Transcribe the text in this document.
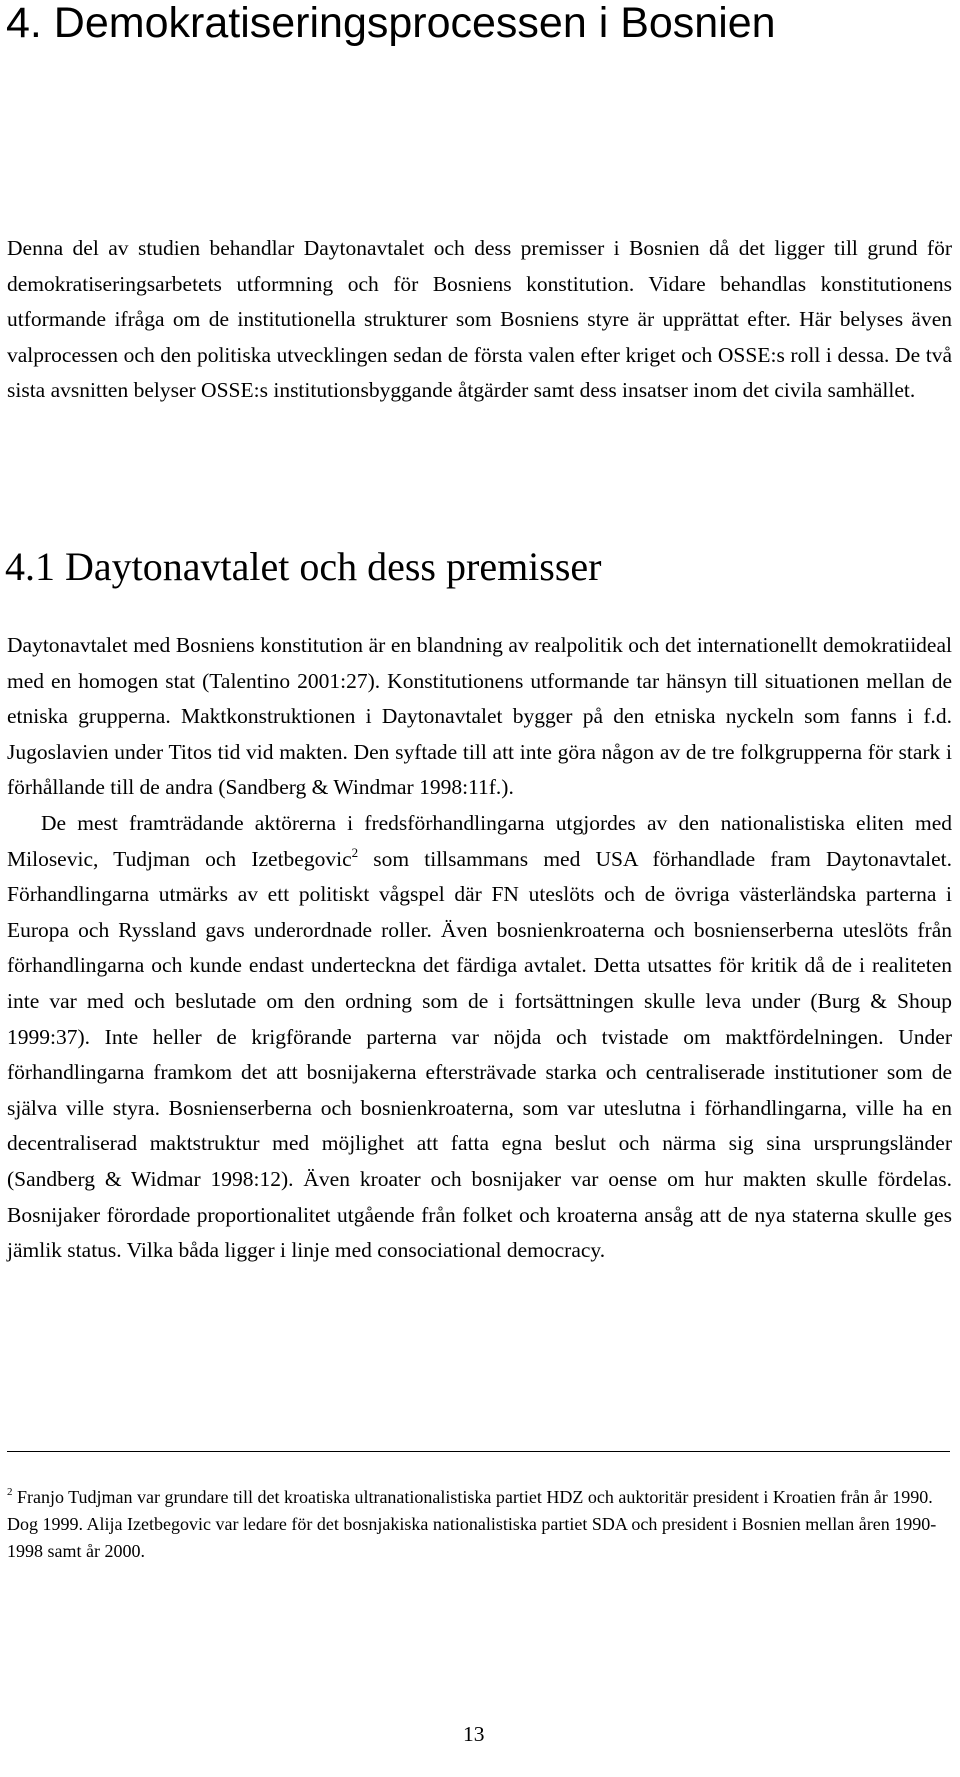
4. Demokratiseringsprocessen i Bosnien

Denna del av studien behandlar Daytonavtalet och dess premisser i Bosnien då det ligger till grund för demokratiseringsarbetets utformning och för Bosniens konstitution. Vidare behandlas konstitutionens utformande ifråga om de institutionella strukturer som Bosniens styre är upprättat efter. Här belyses även valprocessen och den politiska utvecklingen sedan de första valen efter kriget och OSSE:s roll i dessa. De två sista avsnitten belyser OSSE:s institutionsbyggande åtgärder samt dess insatser inom det civila samhället.

4.1 Daytonavtalet och dess premisser

Daytonavtalet med Bosniens konstitution är en blandning av realpolitik och det internationellt demokratiideal med en homogen stat (Talentino 2001:27). Konstitutionens utformande tar hänsyn till situationen mellan de etniska grupperna. Maktkonstruktionen i Daytonavtalet bygger på den etniska nyckeln som fanns i f.d. Jugoslavien under Titos tid vid makten. Den syftade till att inte göra någon av de tre folkgrupperna för stark i förhållande till de andra (Sandberg & Windmar 1998:11f.).

De mest framträdande aktörerna i fredsförhandlingarna utgjordes av den nationalistiska eliten med Milosevic, Tudjman och Izetbegovic$^2$ som tillsammans med USA förhandlade fram Daytonavtalet. Förhandlingarna utmärks av ett politiskt vågspel där FN uteslöts och de övriga västerländska parterna i Europa och Ryssland gavs underordnade roller. Även bosnienkroaterna och bosnienserberna uteslöts från förhandlingarna och kunde endast underteckna det färdiga avtalet. Detta utsattes för kritik då de i realiteten inte var med och beslutade om den ordning som de i fortsättningen skulle leva under (Burg & Shoup 1999:37). Inte heller de krigförande parterna var nöjda och tvistade om maktfördelningen. Under förhandlingarna framkom det att bosnijakerna eftersträvade starka och centraliserade institutioner som de själva ville styra. Bosnienserberna och bosnienkroaterna, som var uteslutna i förhandlingarna, ville ha en decentraliserad maktstruktur med möjlighet att fatta egna beslut och närma sig sina ursprungsländer (Sandberg & Widmar 1998:12). Även kroater och bosnijaker var oense om hur makten skulle fördelas. Bosnijaker förordade proportionalitet utgående från folket och kroaterna ansåg att de nya staterna skulle ges jämlik status. Vilka båda ligger i linje med consociational democracy.

$^2$ Franjo Tudjman var grundare till det kroatiska ultranationalistiska partiet HDZ och auktoritär president i Kroatien från år 1990. Dog 1999. Alija Izetbegovic var ledare för det bosnjakiska nationalistiska partiet SDA och president i Bosnien mellan åren 1990-1998 samt år 2000.

13
